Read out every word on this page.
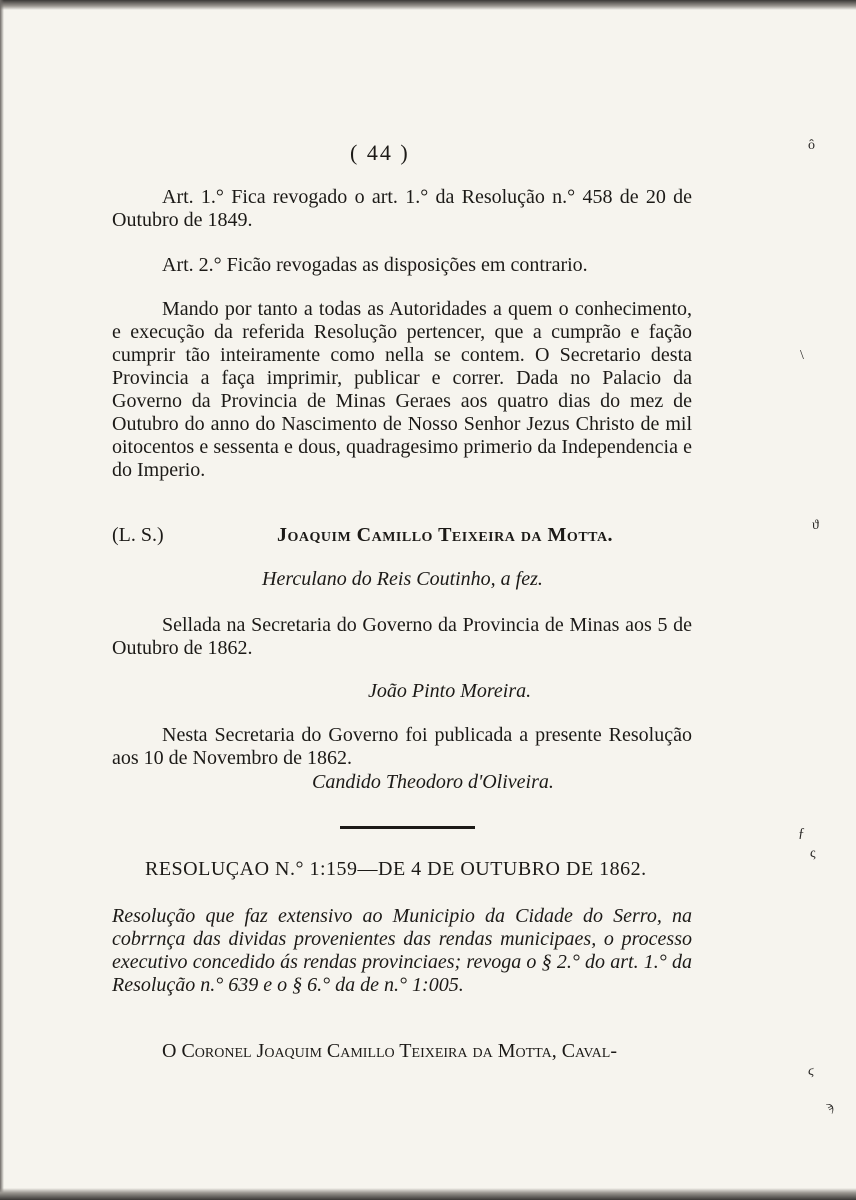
( 44 )

Art. 1.° Fica revogado o art. 1.° da Resolução n.° 458 de 20 de Outubro de 1849.

Art. 2.° Ficão revogadas as disposições em contrario.

Mando por tanto a todas as Autoridades a quem o conhecimento, e execução da referida Resolução pertencer, que a cumprão e fação cumprir tão inteiramente como nella se contem. O Secretario desta Provincia a faça imprimir, publicar e correr. Dada no Palacio da Governo da Provincia de Minas Geraes aos quatro dias do mez de Outubro do anno do Nascimento de Nosso Senhor Jezus Christo de mil oitocentos e sessenta e dous, quadragesimo primerio da Independencia e do Imperio.

(L. S.)	Joaquim Camillo Teixeira da Motta.
Herculano do Reis Coutinho, a fez.

Sellada na Secretaria do Governo da Provincia de Minas aos 5 de Outubro de 1862.

João Pinto Moreira.

Nesta Secretaria do Governo foi publicada a presente Resolução aos 10 de Novembro de 1862.

Candido Theodoro d'Oliveira.
RESOLUÇAO N.° 1:159—DE 4 DE OUTUBRO DE 1862.
Resolução que faz extensivo ao Municipio da Cidade do Serro, na cobrrnça das dividas provenientes das rendas municipaes, o processo executivo concedido ás rendas provinciaes; revoga o § 2.° do art. 1.° da Resolução n.° 639 e o § 6.° da de n.° 1:005.
O Coronel Joaquim Camillo Teixeira da Motta, Caval-
ô
\
ϑ
ƒ
ς
ϛ
ϡ
